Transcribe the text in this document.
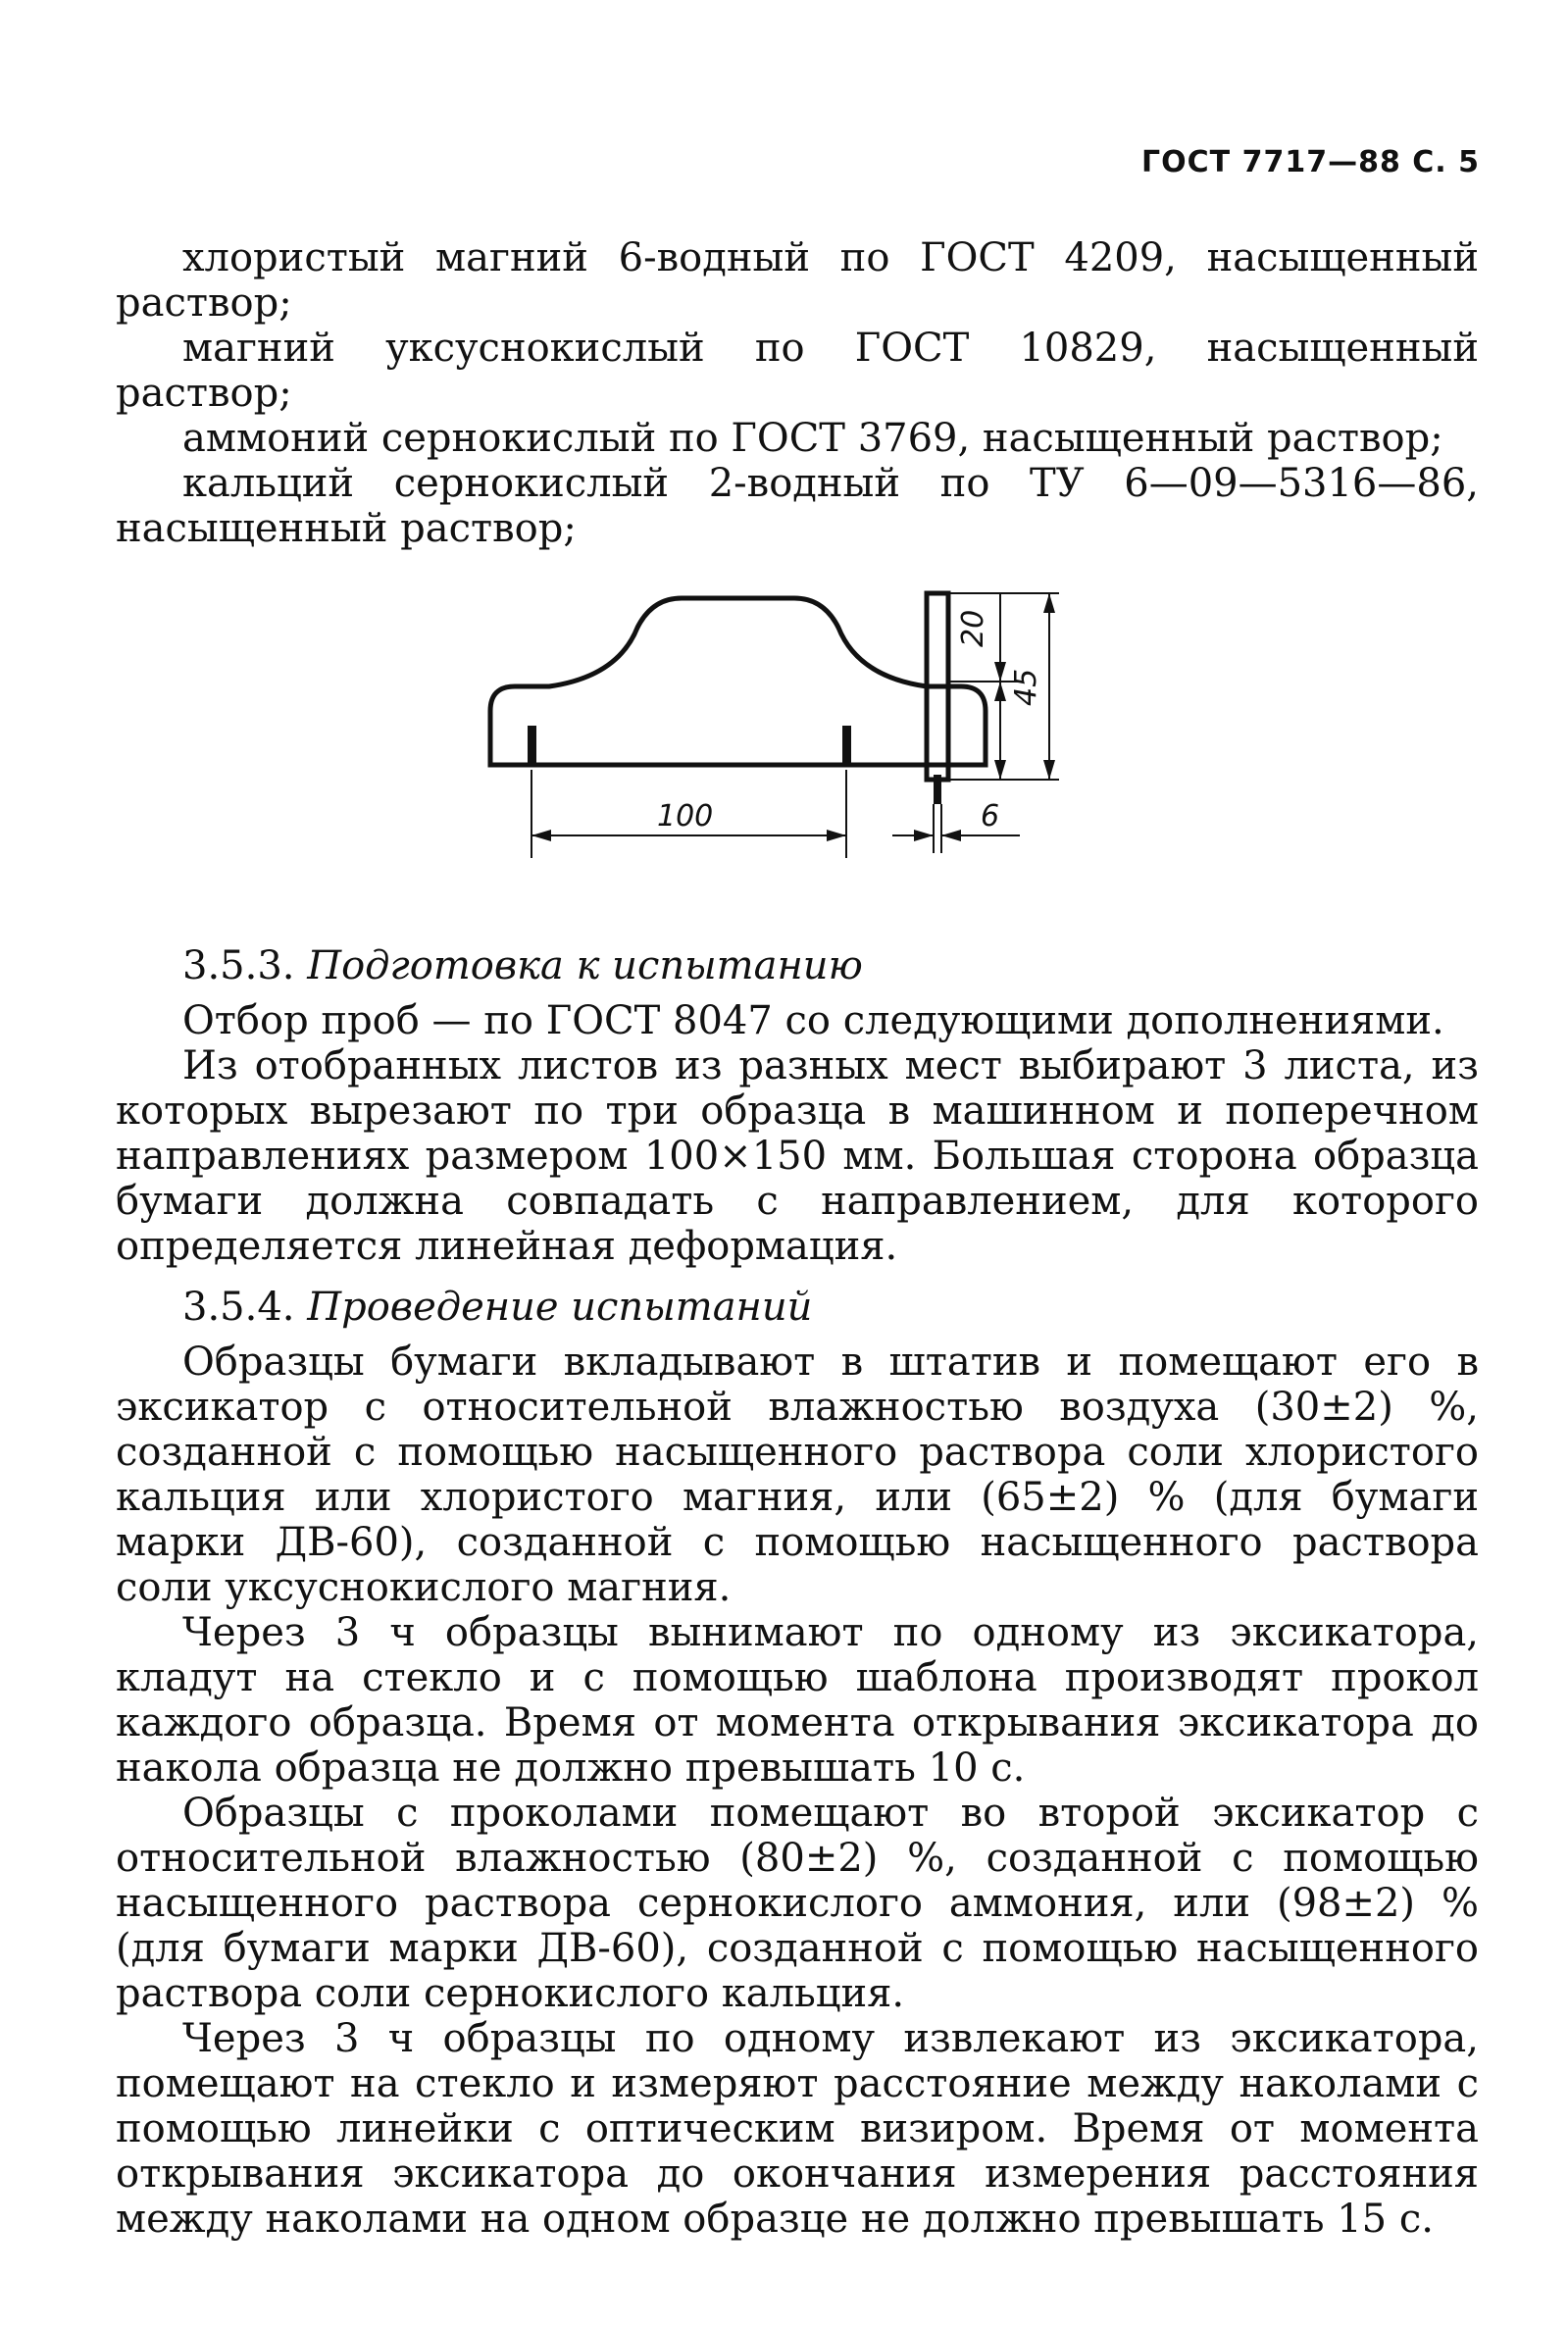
ГОСТ 7717—88 С. 5

хлористый магний 6-водный по ГОСТ 4209, насыщенный раствор;

магний уксуснокислый по ГОСТ 10829, насыщенный раствор;

аммоний сернокислый по ГОСТ 3769, насыщенный раствор;

кальций сернокислый 2-водный по ТУ 6—09—5316—86, насыщенный раствор;

100
20
45
6
3.5.3. Подготовка к испытанию

Отбор проб — по ГОСТ 8047 со следующими дополнениями.

Из отобранных листов из разных мест выбирают 3 листа, из которых вырезают по три образца в машинном и поперечном направлениях размером 100×150 мм. Большая сторона образца бумаги должна совпадать с направлением, для которого определяется линейная деформация.

3.5.4. Проведение испытаний

Образцы бумаги вкладывают в штатив и помещают его в эксикатор с относительной влажностью воздуха (30±2) %, созданной с помощью насыщенного раствора соли хлористого кальция или хлористого магния, или (65±2) % (для бумаги марки ДВ-60), созданной с помощью насыщенного раствора соли уксуснокислого магния.

Через 3 ч образцы вынимают по одному из эксикатора, кладут на стекло и с помощью шаблона производят прокол каждого образца. Время от момента открывания эксикатора до накола образца не должно превышать 10 с.

Образцы с проколами помещают во второй эксикатор с относительной влажностью (80±2) %, созданной с помощью насыщенного раствора сернокислого аммония, или (98±2) % (для бумаги марки ДВ-60), созданной с помощью насыщенного раствора соли сернокислого кальция.

Через 3 ч образцы по одному извлекают из эксикатора, помещают на стекло и измеряют расстояние между наколами с помощью линейки с оптическим визиром. Время от момента открывания эксикатора до окончания измерения расстояния между наколами на одном образце не должно превышать 15 с.
